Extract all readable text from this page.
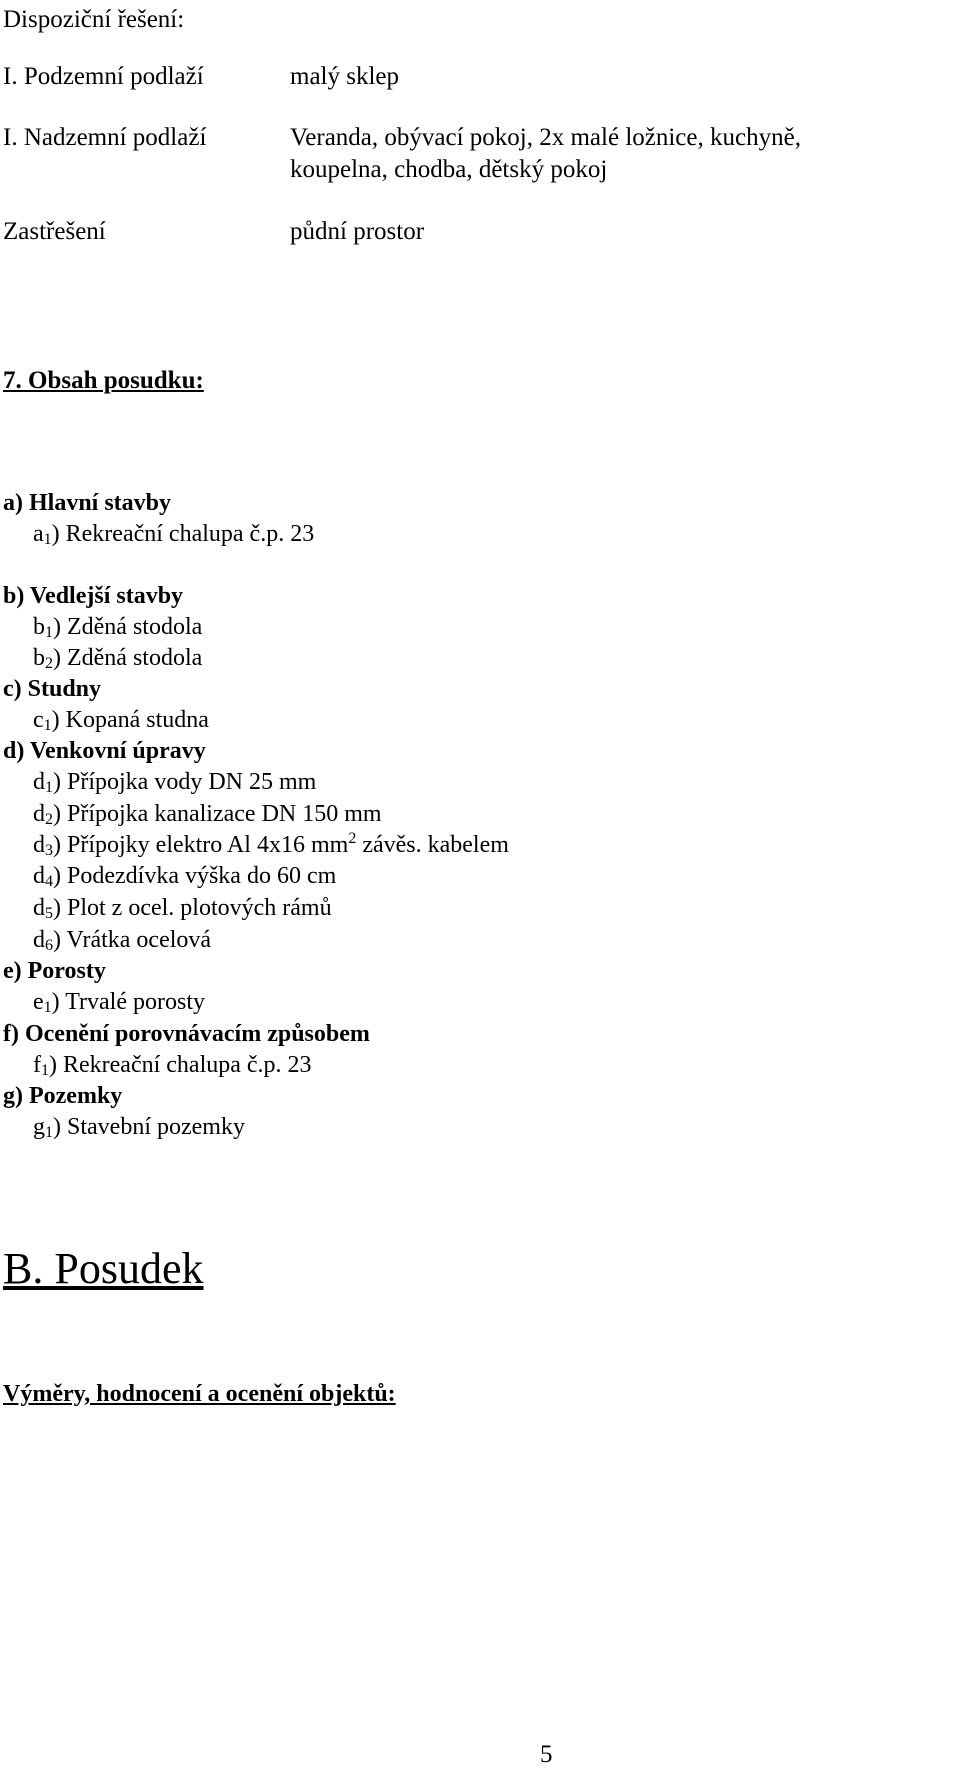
Dispoziční řešení:
I. Podzemní podlaží	malý sklep
I. Nadzemní podlaží	Veranda, obývací pokoj, 2x malé ložnice, kuchyně,
koupelna, chodba, dětský pokoj
Zastřešení	půdní prostor
7. Obsah posudku:
a) Hlavní stavby
$a_1$) Rekreační chalupa č.p. 23
b) Vedlejší stavby
$b_1$) Zděná stodola
$b_2$) Zděná stodola
c) Studny
$c_1$) Kopaná studna
d) Venkovní úpravy
$d_1$) Přípojka vody DN 25 mm
$d_2$) Přípojka kanalizace DN 150 mm
$d_3$) Přípojky elektro Al 4x16 $mm^2$ závěs. kabelem
$d_4$) Podezdívka výška do 60 cm
$d_5$) Plot z ocel. plotových rámů
$d_6$) Vrátka ocelová
e) Porosty
$e_1$) Trvalé porosty
f) Ocenění porovnávacím způsobem
$f_1$) Rekreační chalupa č.p. 23
g) Pozemky
$g_1$) Stavební pozemky
B. Posudek
Výměry, hodnocení a ocenění objektů:
5
